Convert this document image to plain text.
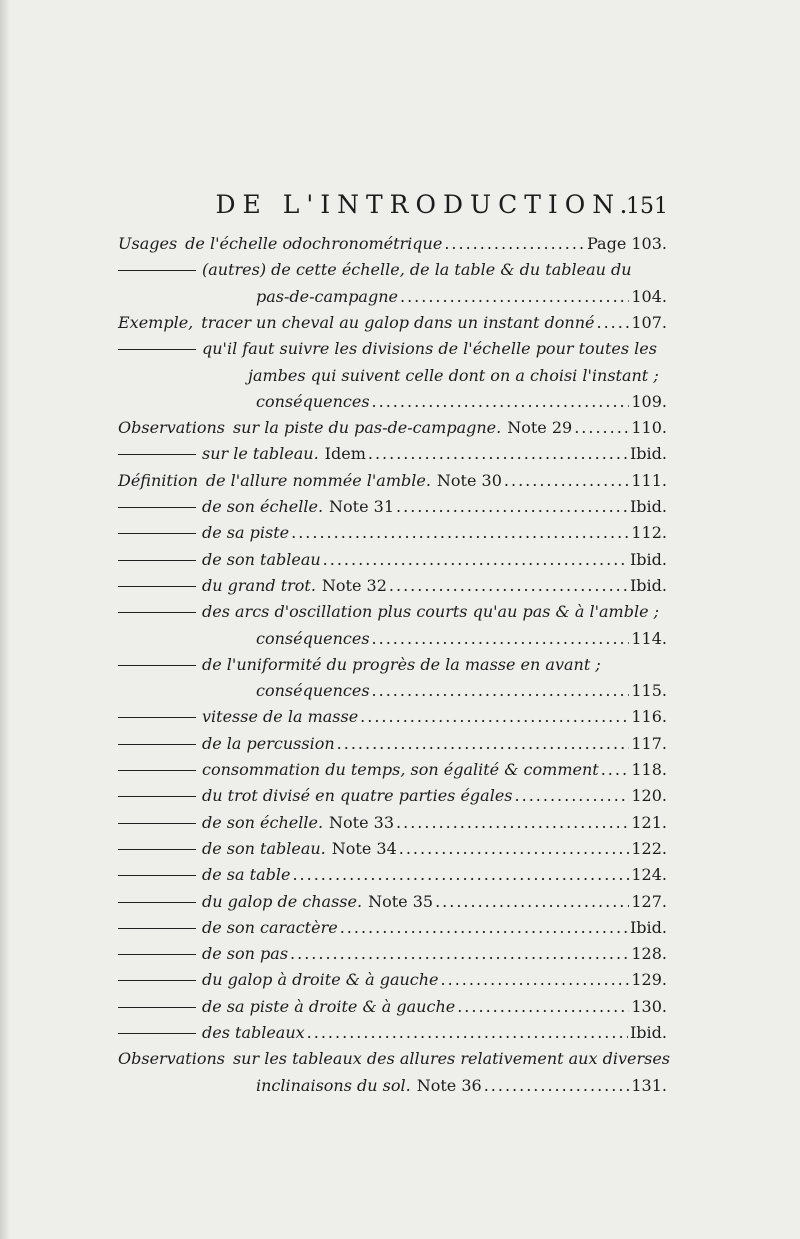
DE L'INTRODUCTION.
151
Usages de l'échelle odochronométrique .....	Page 103.
(autres) de cette échelle, de la table & du tableau du
pas-de-campagne .....	104.
Exemple, tracer un cheval au galop dans un instant donné ..... 107.
qu'il faut suivre les divisions de l'échelle pour toutes les
jambes qui suivent celle dont on a choisi l'instant ;
conséquences .....	109.
Observations sur la piste du pas-de-campagne. Note 29 .....	110.
sur le tableau. Idem .....	Ibid.
Définition de l'allure nommée l'amble. Note 30 .....	111.
de son échelle. Note 31 .....	Ibid.
de sa piste .....	112.
de son tableau .....	Ibid.
du grand trot. Note 32 .....	Ibid.
des arcs d'oscillation plus courts qu'au pas & à l'amble ;
conséquences .....	114.
de l'uniformité du progrès de la masse en avant ;
conséquences .....	115.
vitesse de la masse .....	116.
de la percussion .....	117.
consommation du temps, son égalité & comment ..... 118.
du trot divisé en quatre parties égales .....	120.
de son échelle. Note 33 .....	121.
de son tableau. Note 34 .....	122.
de sa table .....	124.
du galop de chasse. Note 35 .....	127.
de son caractère .....	Ibid.
de son pas .....	128.
du galop à droite & à gauche .....	129.
de sa piste à droite & à gauche .....	130.
des tableaux .....	Ibid.
Observations sur les tableaux des allures relativement aux diverses
inclinaisons du sol. Note 36 .....	131.
